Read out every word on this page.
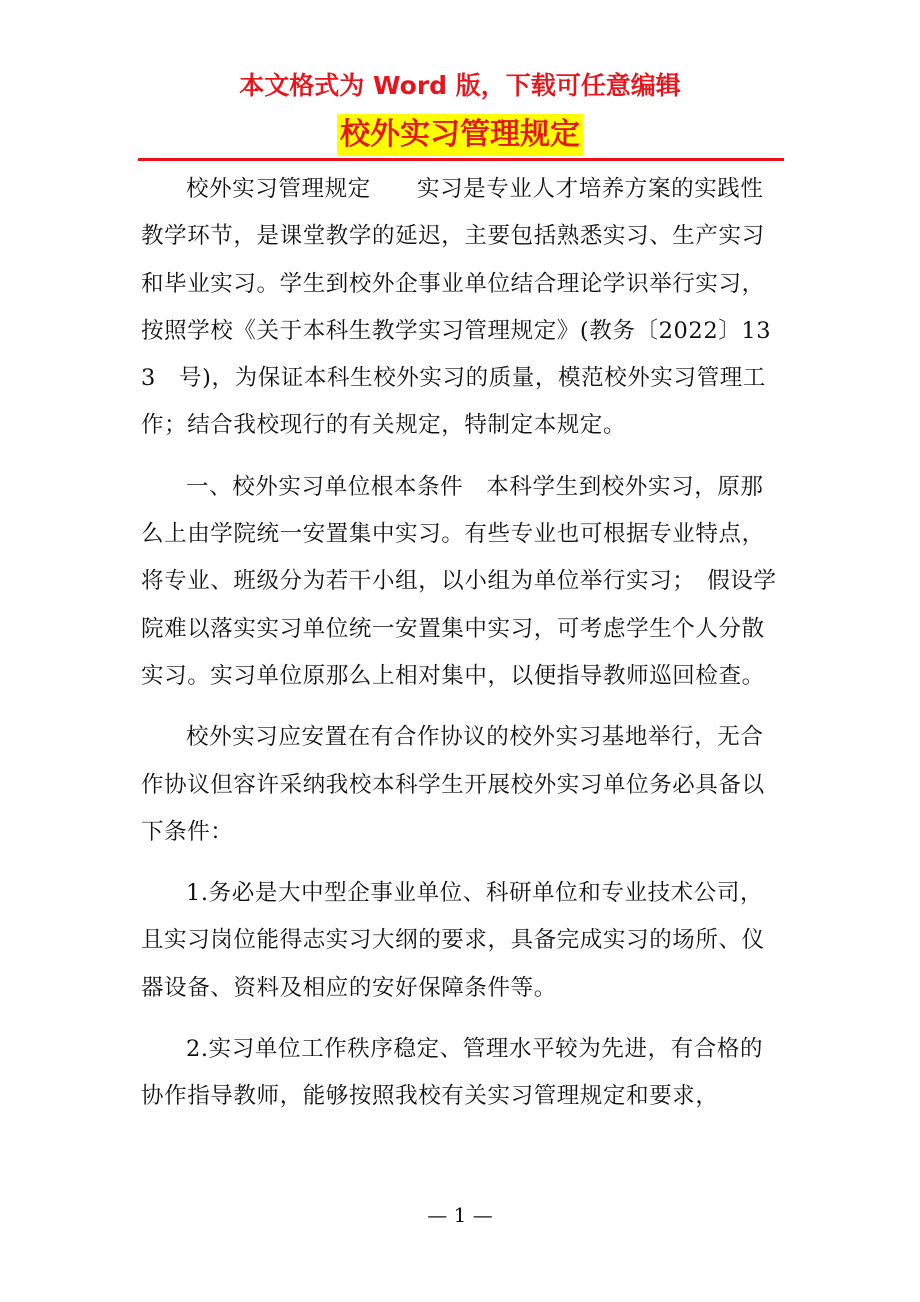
本文格式为 Word 版，下载可任意编辑
校外实习管理规定

校外实习管理规定　　实习是专业人才培养方案的实践性教学环节，是课堂教学的延迟，主要包括熟悉实习、生产实习和毕业实习。学生到校外企事业单位结合理论学识举行实习，按照学校《关于本科生教学实习管理规定》(教务〔2022〕133　号)，为保证本科生校外实习的质量，模范校外实习管理工作；结合我校现行的有关规定，特制定本规定。

一、校外实习单位根本条件　本科学生到校外实习，原那么上由学院统一安置集中实习。有些专业也可根据专业特点，将专业、班级分为若干小组，以小组为单位举行实习；　假设学院难以落实实习单位统一安置集中实习，可考虑学生个人分散实习。实习单位原那么上相对集中，以便指导教师巡回检查。

校外实习应安置在有合作协议的校外实习基地举行，无合作协议但容许采纳我校本科学生开展校外实习单位务必具备以下条件：

1.务必是大中型企事业单位、科研单位和专业技术公司，且实习岗位能得志实习大纲的要求，具备完成实习的场所、仪器设备、资料及相应的安好保障条件等。

2.实习单位工作秩序稳定、管理水平较为先进，有合格的协作指导教师，能够按照我校有关实习管理规定和要求，

— 1 —
